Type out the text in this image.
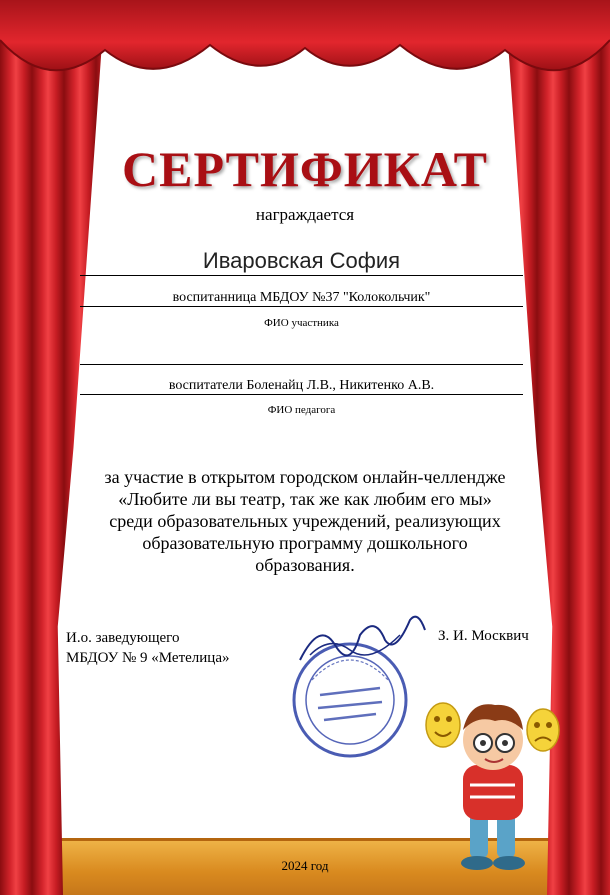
СЕРТИФИКАТ
награждается
Иваровская София
воспитанница МБДОУ №37 "Колокольчик"
ФИО участника
воспитатели Боленайц Л.В., Никитенко А.В.
ФИО педагога
за участие в открытом городском онлайн-челлендже
«Любите ли вы театр, так же как любим его мы»
среди образовательных учреждений, реализующих
образовательную программу дошкольного
образования.
И.о. заведующего
МБДОУ № 9 «Метелица»
З. И. Москвич
2024 год
